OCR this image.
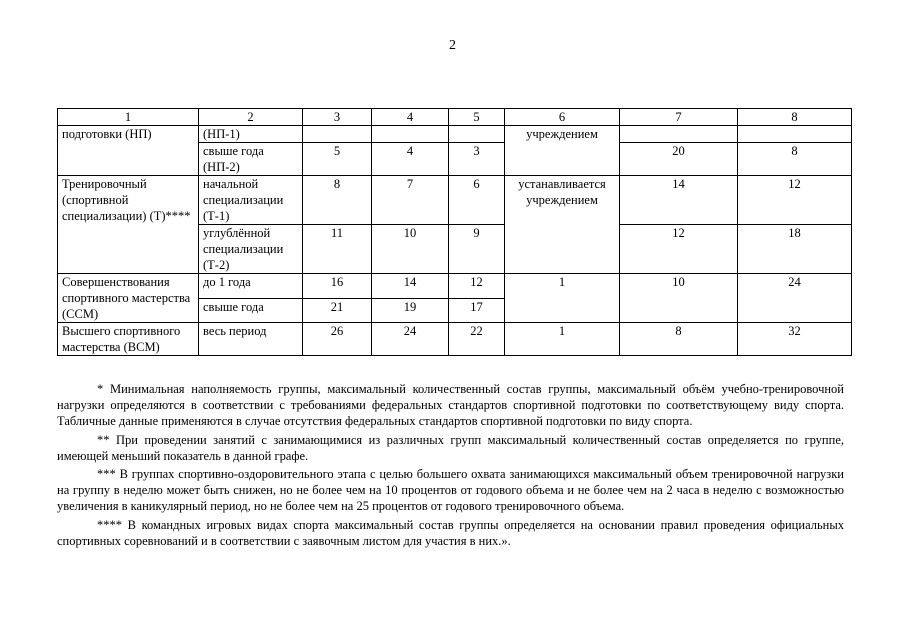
2
1	2	3	4	5	6	7	8
подготовки (НП)	(НП-1)				учреждением		
	свыше года (НП-2)	5	4	3		20	8
Тренировочный (спортивной специализации) (Т)****	начальной специализации (Т-1)	8	7	6	устанавливается учреждением	14	12
	углублённой специализации (Т-2)	11	10	9		12	18
Совершенствования спортивного мастерства (ССМ)	до 1 года	16	14	12	1	10	24
	свыше года	21	19	17			
Высшего спортивного мастерства (ВСМ)	весь период	26	24	22	1	8	32

* Минимальная наполняемость группы, максимальный количественный состав группы, максимальный объём учебно-тренировочной нагрузки определяются в соответствии с требованиями федеральных стандартов спортивной подготовки по соответствующему виду спорта. Табличные данные применяются в случае отсутствия федеральных стандартов спортивной подготовки по виду спорта.

** При проведении занятий с занимающимися из различных групп максимальный количественный состав определяется по группе, имеющей меньший показатель в данной графе.

*** В группах спортивно-оздоровительного этапа с целью большего охвата занимающихся максимальный объем тренировочной нагрузки на группу в неделю может быть снижен, но не более чем на 10 процентов от годового объема и не более чем на 2 часа в неделю с возможностью увеличения в каникулярный период, но не более чем на 25 процентов от годового тренировочного объема.

**** В командных игровых видах спорта максимальный состав группы определяется на основании правил проведения официальных спортивных соревнований и в соответствии с заявочным листом для участия в них.».
